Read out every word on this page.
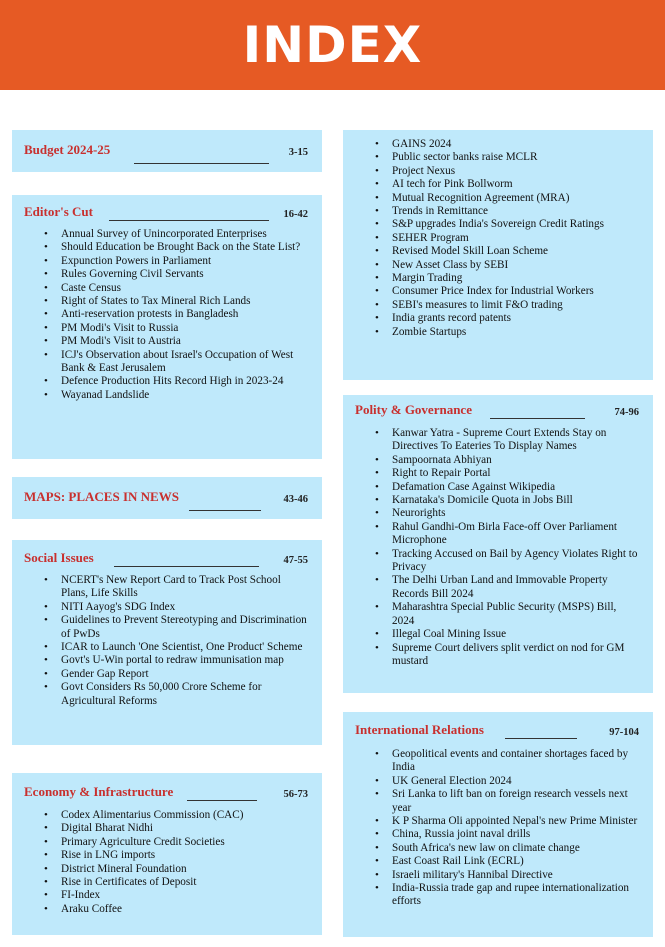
INDEX
Budget 2024-25	3-15
Editor's Cut	16-42
• Annual Survey of Unincorporated Enterprises
• Should Education be Brought Back on the State List?
• Expunction Powers in Parliament
• Rules Governing Civil Servants
• Caste Census
• Right of States to Tax Mineral Rich Lands
• Anti-reservation protests in Bangladesh
• PM Modi's Visit to Russia
• PM Modi's Visit to Austria
• ICJ's Observation about Israel's Occupation of West Bank & East Jerusalem
• Defence Production Hits Record High in 2023-24
• Wayanad Landslide
MAPS: PLACES IN NEWS	43-46
Social Issues	47-55
• NCERT's New Report Card to Track Post School Plans, Life Skills
• NITI Aayog's SDG Index
• Guidelines to Prevent Stereotyping and Discrimination of PwDs
• ICAR to Launch 'One Scientist, One Product' Scheme
• Govt's U-Win portal to redraw immunisation map
• Gender Gap Report
• Govt Considers Rs 50,000 Crore Scheme for Agricultural Reforms
Economy & Infrastructure	56-73
• Codex Alimentarius Commission (CAC)
• Digital Bharat Nidhi
• Primary Agriculture Credit Societies
• Rise in LNG imports
• District Mineral Foundation
• Rise in Certificates of Deposit
• FI-Index
• Araku Coffee
• GAINS 2024
• Public sector banks raise MCLR
• Project Nexus
• AI tech for Pink Bollworm
• Mutual Recognition Agreement (MRA)
• Trends in Remittance
• S&P upgrades India's Sovereign Credit Ratings
• SEHER Program
• Revised Model Skill Loan Scheme
• New Asset Class by SEBI
• Margin Trading
• Consumer Price Index for Industrial Workers
• SEBI's measures to limit F&O trading
• India grants record patents
• Zombie Startups
Polity & Governance	74-96
• Kanwar Yatra - Supreme Court Extends Stay on Directives To Eateries To Display Names
• Sampoornata Abhiyan
• Right to Repair Portal
• Defamation Case Against Wikipedia
• Karnataka's Domicile Quota in Jobs Bill
• Neurorights
• Rahul Gandhi-Om Birla Face-off Over Parliament Microphone
• Tracking Accused on Bail by Agency Violates Right to Privacy
• The Delhi Urban Land and Immovable Property Records Bill 2024
• Maharashtra Special Public Security (MSPS) Bill, 2024
• Illegal Coal Mining Issue
• Supreme Court delivers split verdict on nod for GM mustard
International Relations	97-104
• Geopolitical events and container shortages faced by India
• UK General Election 2024
• Sri Lanka to lift ban on foreign research vessels next year
• K P Sharma Oli appointed Nepal's new Prime Minister
• China, Russia joint naval drills
• South Africa's new law on climate change
• East Coast Rail Link (ECRL)
• Israeli military's Hannibal Directive
• India-Russia trade gap and rupee internationalization efforts
